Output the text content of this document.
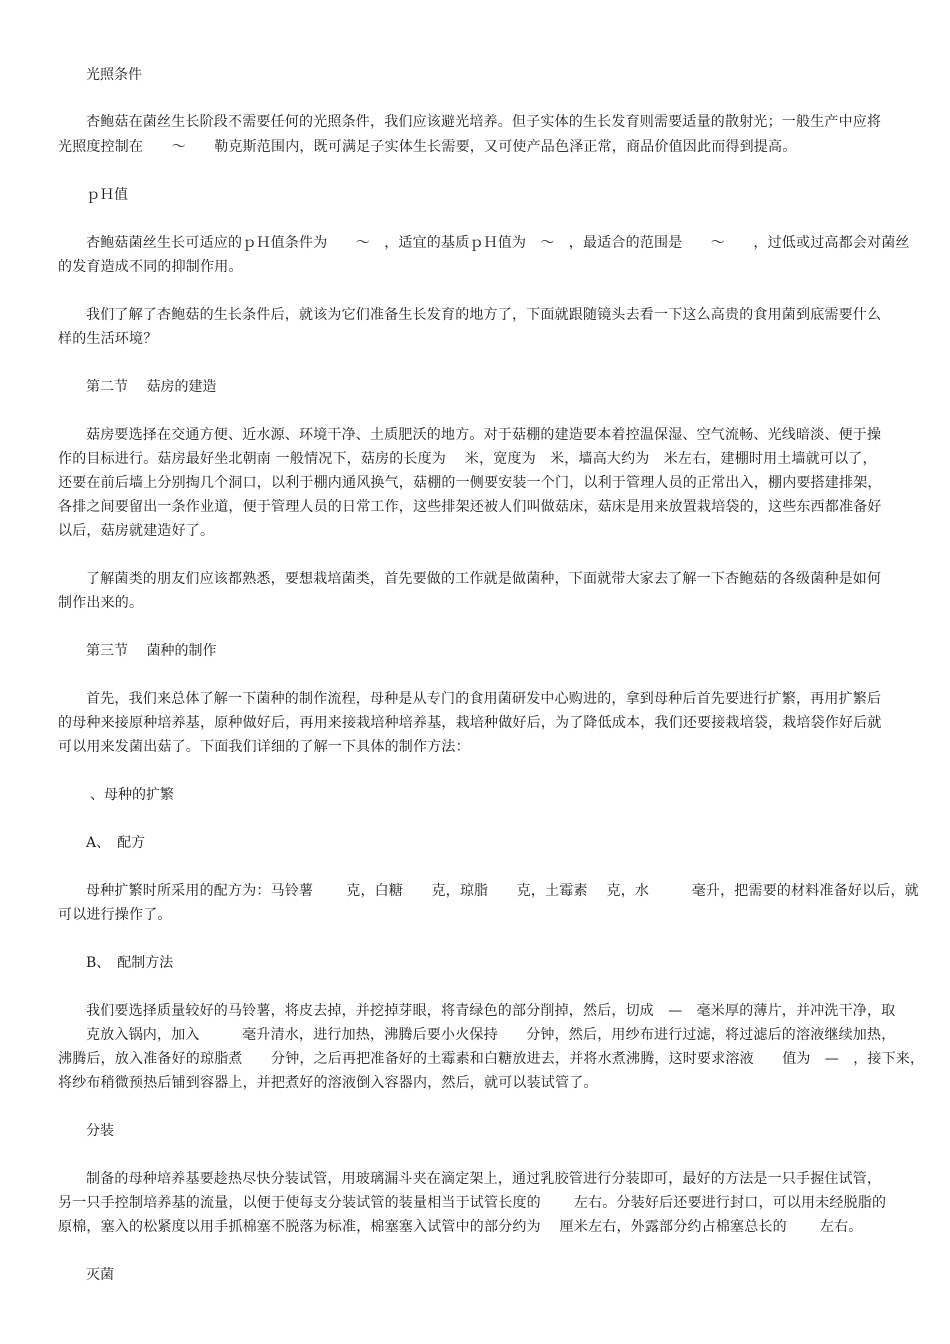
光照条件
杏鲍菇在菌丝生长阶段不需要任何的光照条件，我们应该避光培养。但子实体的生长发育则需要适量的散射光；一般生产中应将
光照度控制在　　～　　勒克斯范围内，既可满足子实体生长需要，又可使产品色泽正常，商品价值因此而得到提高。
ｐＨ值
杏鲍菇菌丝生长可适应的ｐＨ值条件为　　～　，适宜的基质ｐＨ值为　～　，最适合的范围是　　～　　，过低或过高都会对菌丝
的发育造成不同的抑制作用。
我们了解了杏鲍菇的生长条件后，就该为它们准备生长发育的地方了，下面就跟随镜头去看一下这么高贵的食用菌到底需要什么
样的生活环境？
第二节　 菇房的建造
菇房要选择在交通方便、近水源、环境干净、土质肥沃的地方。对于菇棚的建造要本着控温保湿、空气流畅、光线暗淡、便于操
作的目标进行。菇房最好坐北朝南 一般情况下，菇房的长度为　 米，宽度为　米，墙高大约为　米左右，建棚时用土墙就可以了，
还要在前后墙上分别掏几个洞口，以利于棚内通风换气，菇棚的一侧要安装一个门，以利于管理人员的正常出入，棚内要搭建排架，
各排之间要留出一条作业道，便于管理人员的日常工作，这些排架还被人们叫做菇床，菇床是用来放置栽培袋的，这些东西都准备好
以后，菇房就建造好了。
了解菌类的朋友们应该都熟悉，要想栽培菌类，首先要做的工作就是做菌种，下面就带大家去了解一下杏鲍菇的各级菌种是如何
制作出来的。
第三节　 菌种的制作
首先，我们来总体了解一下菌种的制作流程，母种是从专门的食用菌研发中心购进的，拿到母种后首先要进行扩繁，再用扩繁后
的母种来接原种培养基，原种做好后，再用来接栽培种培养基，栽培种做好后，为了降低成本，我们还要接栽培袋，栽培袋作好后就
可以用来发菌出菇了。下面我们详细的了解一下具体的制作方法：
、母种的扩繁
A、　配方
母种扩繁时所采用的配方为：马铃薯　　 克，白糖　　克，琼脂　　克，土霉素　 克，水　　　毫升，把需要的材料准备好以后，就
可以进行操作了。
B、　配制方法
我们要选择质量较好的马铃薯，将皮去掉，并挖掉芽眼，将青绿色的部分削掉，然后，切成　—　毫米厚的薄片，并冲洗干净，取
克放入锅内，加入　　　毫升清水，进行加热，沸腾后要小火保持　　分钟，然后，用纱布进行过滤，将过滤后的溶液继续加热，
沸腾后，放入准备好的琼脂煮　　分钟，之后再把准备好的土霉素和白糖放进去，并将水煮沸腾，这时要求溶液　　值为　—　，接下来，
将纱布稍微预热后铺到容器上，并把煮好的溶液倒入容器内，然后，就可以装试管了。
分装
制备的母种培养基要趁热尽快分装试管，用玻璃漏斗夹在滴定架上，通过乳胶管进行分装即可，最好的方法是一只手握住试管，
另一只手控制培养基的流量，以便于使每支分装试管的装量相当于试管长度的　　 左右。分装好后还要进行封口，可以用未经脱脂的
原棉，塞入的松紧度以用手抓棉塞不脱落为标准，棉塞塞入试管中的部分约为　 厘米左右，外露部分约占棉塞总长的　　 左右。
灭菌
